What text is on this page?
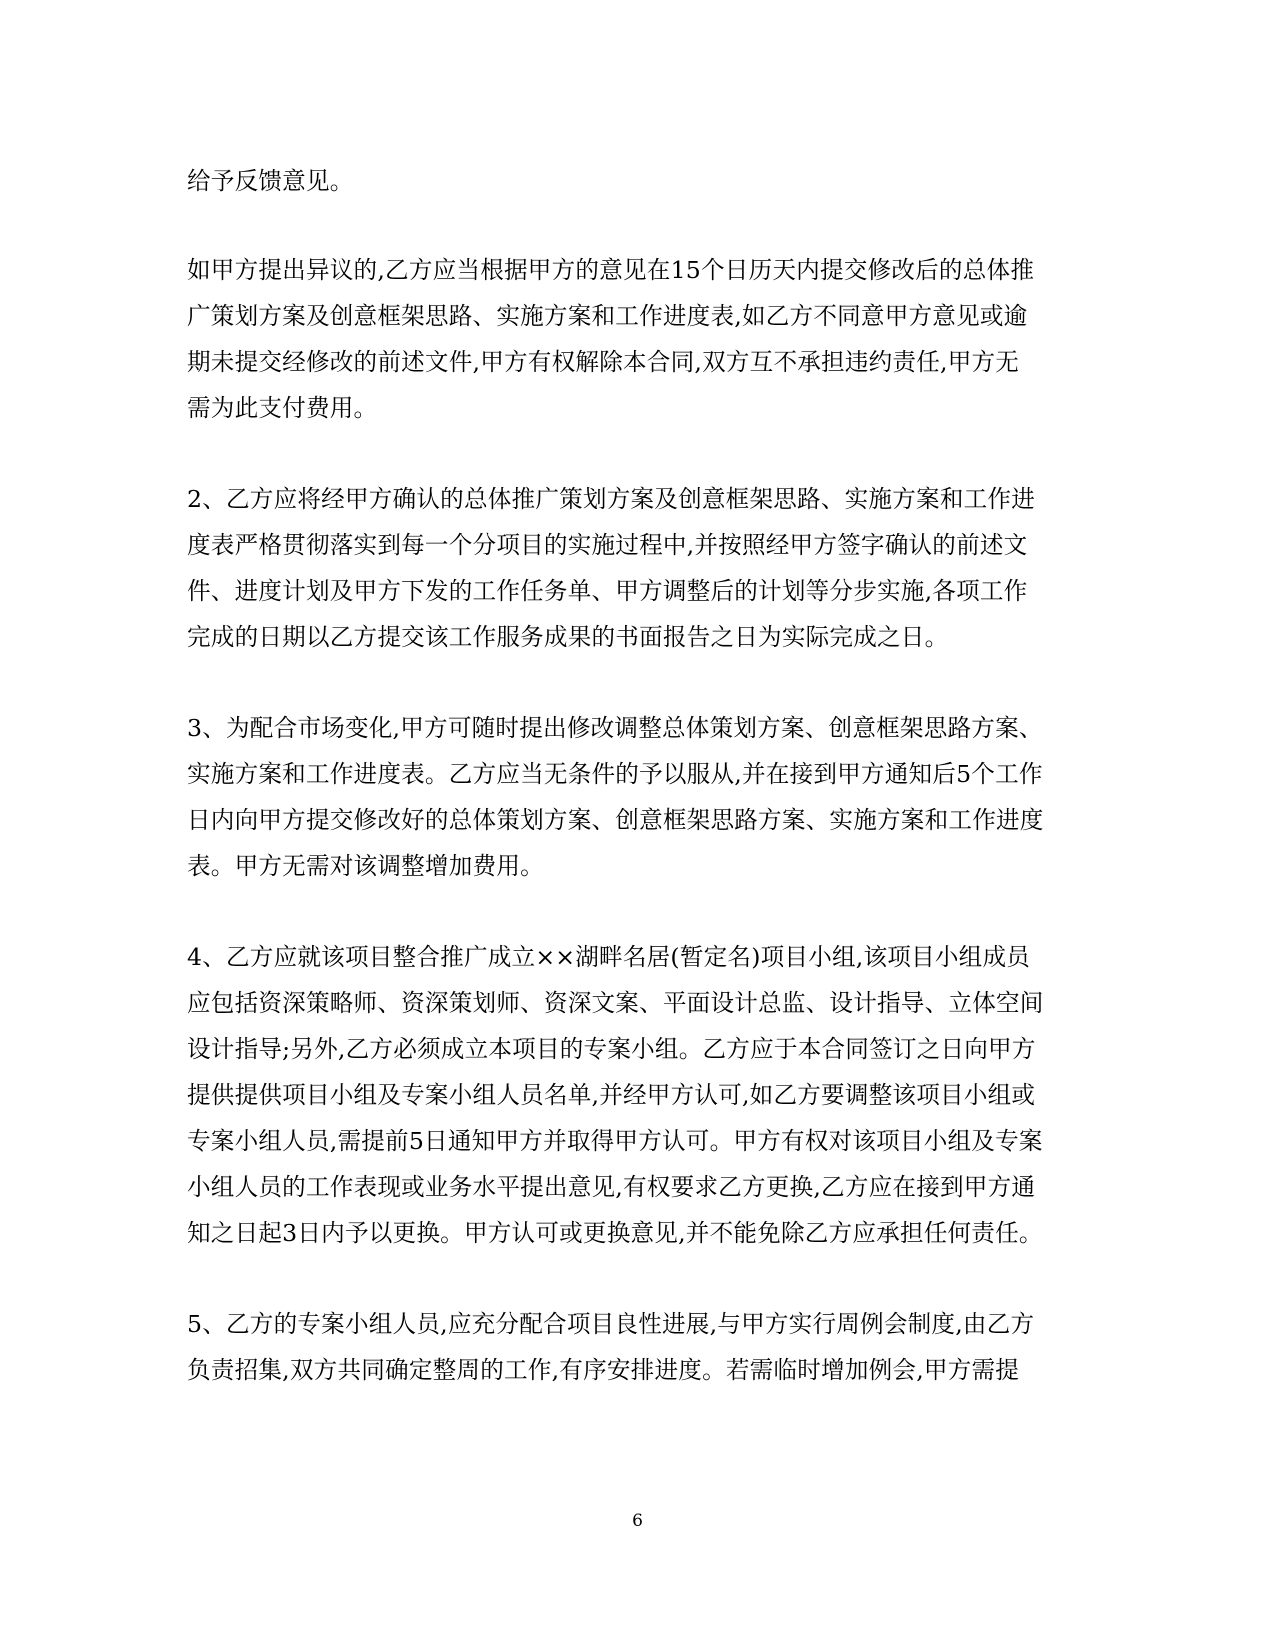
给予反馈意见。
如甲方提出异议的,乙方应当根据甲方的意见在15个日历天内提交修改后的总体推
广策划方案及创意框架思路、实施方案和工作进度表,如乙方不同意甲方意见或逾
期未提交经修改的前述文件,甲方有权解除本合同,双方互不承担违约责任,甲方无
需为此支付费用。
2、乙方应将经甲方确认的总体推广策划方案及创意框架思路、实施方案和工作进
度表严格贯彻落实到每一个分项目的实施过程中,并按照经甲方签字确认的前述文
件、进度计划及甲方下发的工作任务单、甲方调整后的计划等分步实施,各项工作
完成的日期以乙方提交该工作服务成果的书面报告之日为实际完成之日。
3、为配合市场变化,甲方可随时提出修改调整总体策划方案、创意框架思路方案、
实施方案和工作进度表。乙方应当无条件的予以服从,并在接到甲方通知后5个工作
日内向甲方提交修改好的总体策划方案、创意框架思路方案、实施方案和工作进度
表。甲方无需对该调整增加费用。
4、乙方应就该项目整合推广成立××湖畔名居(暂定名)项目小组,该项目小组成员
应包括资深策略师、资深策划师、资深文案、平面设计总监、设计指导、立体空间
设计指导;另外,乙方必须成立本项目的专案小组。乙方应于本合同签订之日向甲方
提供提供项目小组及专案小组人员名单,并经甲方认可,如乙方要调整该项目小组或
专案小组人员,需提前5日通知甲方并取得甲方认可。甲方有权对该项目小组及专案
小组人员的工作表现或业务水平提出意见,有权要求乙方更换,乙方应在接到甲方通
知之日起3日内予以更换。甲方认可或更换意见,并不能免除乙方应承担任何责任。
5、乙方的专案小组人员,应充分配合项目良性进展,与甲方实行周例会制度,由乙方
负责招集,双方共同确定整周的工作,有序安排进度。若需临时增加例会,甲方需提
6
